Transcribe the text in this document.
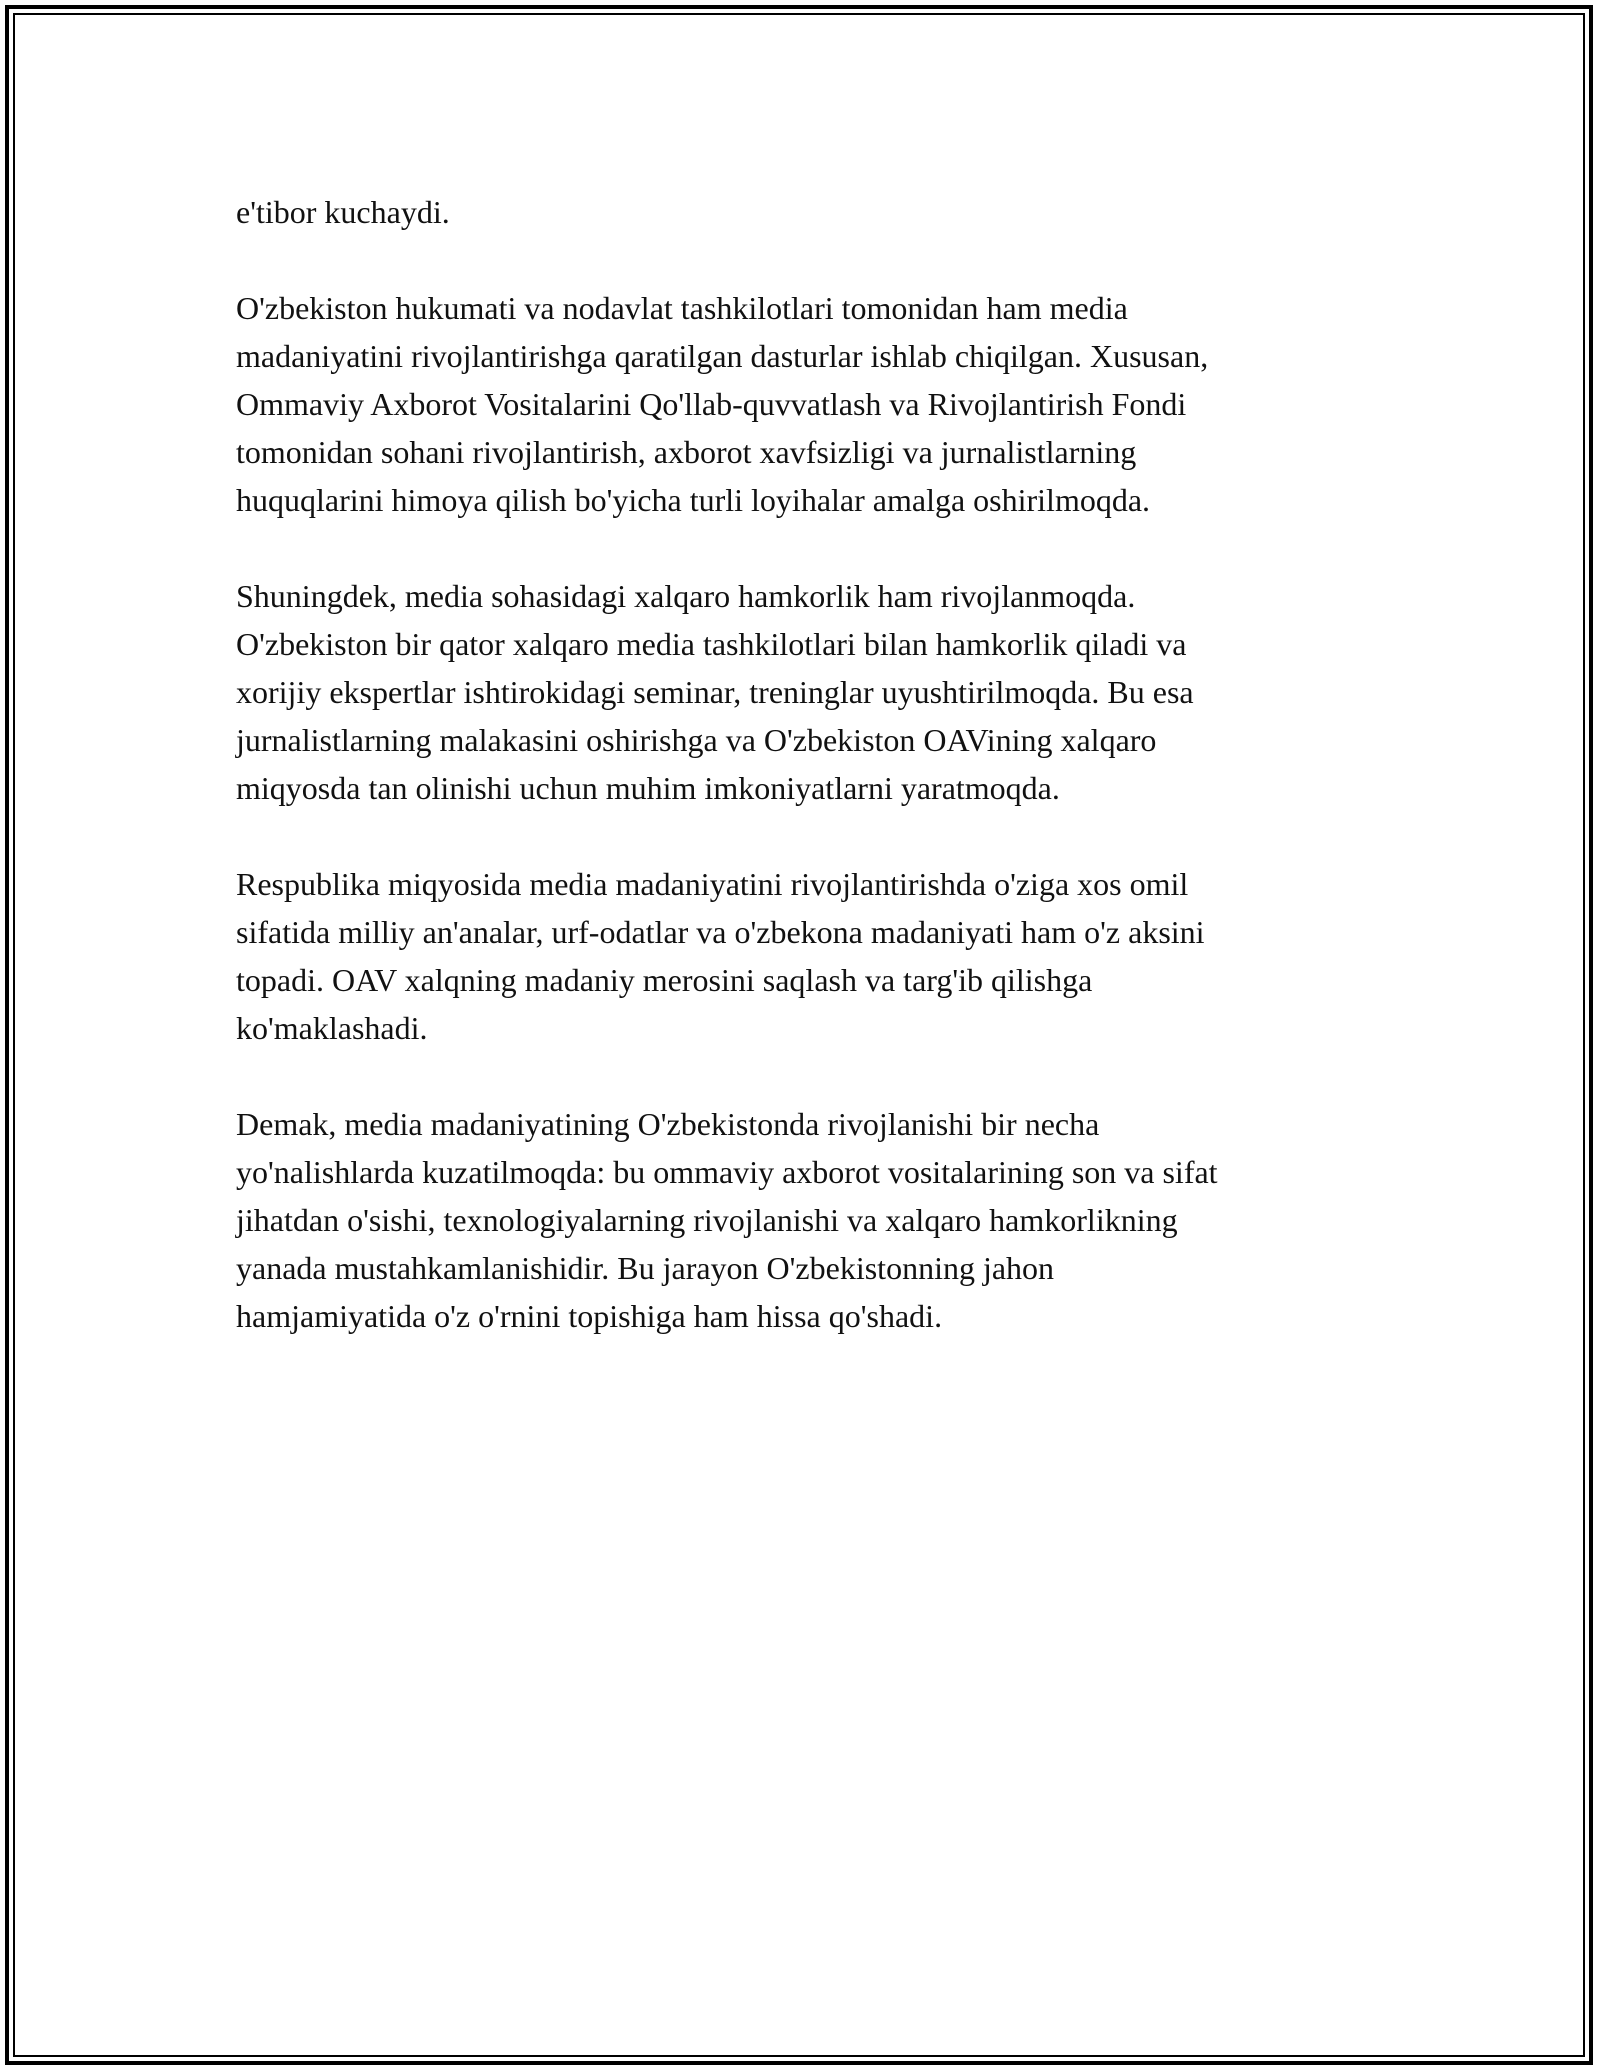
e'tibor kuchaydi.

O'zbekiston hukumati va nodavlat tashkilotlari tomonidan ham media
madaniyatini rivojlantirishga qaratilgan dasturlar ishlab chiqilgan. Xususan,
Ommaviy Axborot Vositalarini Qo'llab-quvvatlash va Rivojlantirish Fondi
tomonidan sohani rivojlantirish, axborot xavfsizligi va jurnalistlarning
huquqlarini himoya qilish bo'yicha turli loyihalar amalga oshirilmoqda.

Shuningdek, media sohasidagi xalqaro hamkorlik ham rivojlanmoqda.
O'zbekiston bir qator xalqaro media tashkilotlari bilan hamkorlik qiladi va
xorijiy ekspertlar ishtirokidagi seminar, treninglar uyushtirilmoqda. Bu esa
jurnalistlarning malakasini oshirishga va O'zbekiston OAVining xalqaro
miqyosda tan olinishi uchun muhim imkoniyatlarni yaratmoqda.

Respublika miqyosida media madaniyatini rivojlantirishda o'ziga xos omil
sifatida milliy an'analar, urf-odatlar va o'zbekona madaniyati ham o'z aksini
topadi. OAV xalqning madaniy merosini saqlash va targ'ib qilishga
ko'maklashadi.

Demak, media madaniyatining O'zbekistonda rivojlanishi bir necha
yo'nalishlarda kuzatilmoqda: bu ommaviy axborot vositalarining son va sifat
jihatdan o'sishi, texnologiyalarning rivojlanishi va xalqaro hamkorlikning
yanada mustahkamlanishidir. Bu jarayon O'zbekistonning jahon
hamjamiyatida o'z o'rnini topishiga ham hissa qo'shadi.
